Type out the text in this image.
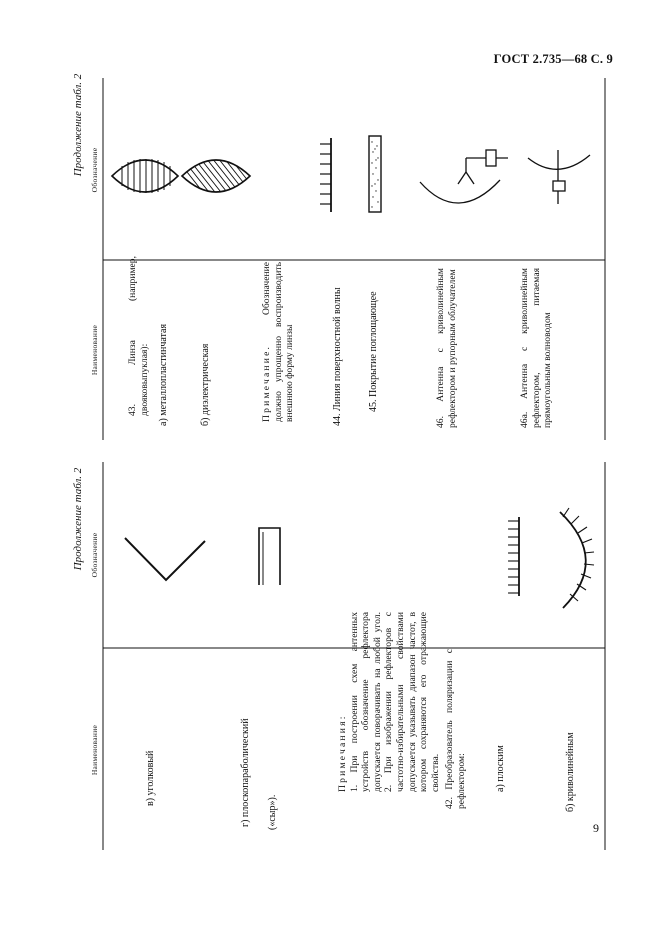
ГОСТ 2.735—68 С. 9
9
Продолжение табл. 2 Обозначение
Наименование	43. Линза (например, двояковыпуклая): а) металлопластинчатая	б) диэлектрическая	Примечание. Обозначение должно упрощенно воспроизводить внешнюю форму линзы	44. Линия поверхностной волны	45. Покрытие поглощающее	46. Антенна с криволинейным рефлектором и рупорным облучателем	46а. Антенна с криволинейным рефлектором, питаемая прямоугольным волноводом
Продолжение табл. 2 Обозначение
Наименование
в) уголковый	г) плоскопараболический («сыр»).
Примечания: 1. При построении схем антенных устройств обозначение рефлектора допускается поворачивать на любой угол. 2. При изображении рефлекторов с частотно-избирательными свойствами допускается указывать диапазон частот, в котором сохраняются его отражающие свойства. 42. Преобразователь поляризации с рефлектором:	а) плоским	б) криволинейным
